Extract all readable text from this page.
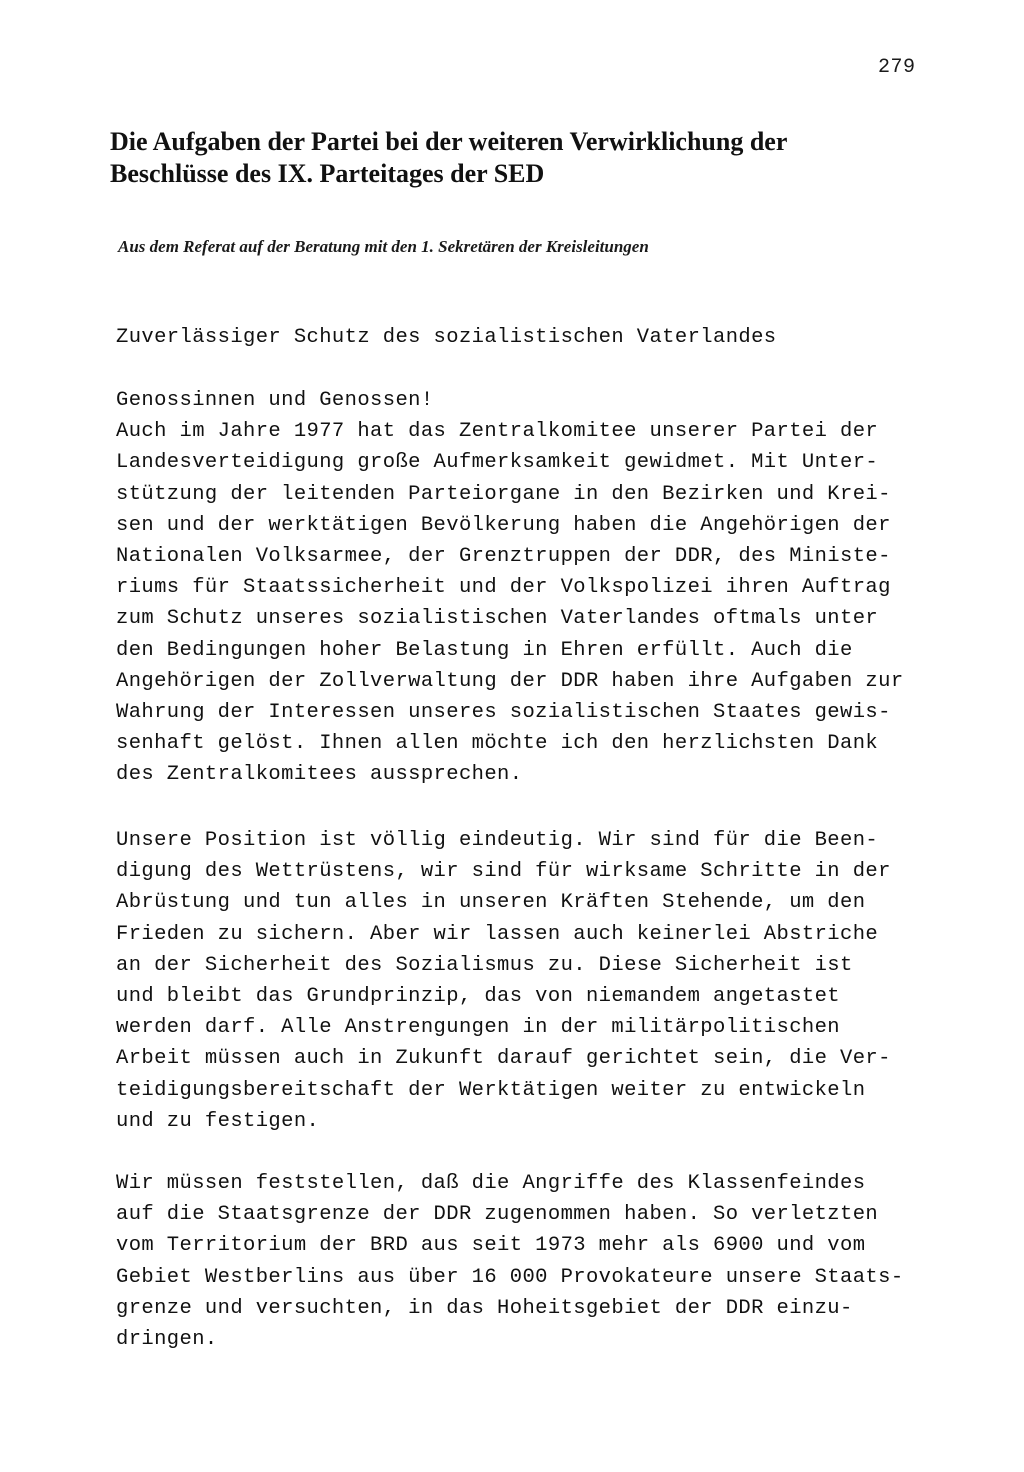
279
Die Aufgaben der Partei bei der weiteren Verwirklichung der
Beschlüsse des IX. Parteitages der SED
Aus dem Referat auf der Beratung mit den 1. Sekretären der Kreisleitungen
Zuverlässiger Schutz des sozialistischen Vaterlandes
Genossinnen und Genossen!
Auch im Jahre 1977 hat das Zentralkomitee unserer Partei der
Landesverteidigung große Aufmerksamkeit gewidmet. Mit Unter-
stützung der leitenden Parteiorgane in den Bezirken und Krei-
sen und der werktätigen Bevölkerung haben die Angehörigen der
Nationalen Volksarmee, der Grenztruppen der DDR, des Ministe-
riums für Staatssicherheit und der Volkspolizei ihren Auftrag
zum Schutz unseres sozialistischen Vaterlandes oftmals unter
den Bedingungen hoher Belastung in Ehren erfüllt. Auch die
Angehörigen der Zollverwaltung der DDR haben ihre Aufgaben zur
Wahrung der Interessen unseres sozialistischen Staates gewis-
senhaft gelöst. Ihnen allen möchte ich den herzlichsten Dank
des Zentralkomitees aussprechen.
Unsere Position ist völlig eindeutig. Wir sind für die Been-
digung des Wettrüstens, wir sind für wirksame Schritte in der
Abrüstung und tun alles in unseren Kräften Stehende, um den
Frieden zu sichern. Aber wir lassen auch keinerlei Abstriche
an der Sicherheit des Sozialismus zu. Diese Sicherheit ist
und bleibt das Grundprinzip, das von niemandem angetastet
werden darf. Alle Anstrengungen in der militärpolitischen
Arbeit müssen auch in Zukunft darauf gerichtet sein, die Ver-
teidigungsbereitschaft der Werktätigen weiter zu entwickeln
und zu festigen.
Wir müssen feststellen, daß die Angriffe des Klassenfeindes
auf die Staatsgrenze der DDR zugenommen haben. So verletzten
vom Territorium der BRD aus seit 1973 mehr als 6900 und vom
Gebiet Westberlins aus über 16 000 Provokateure unsere Staats-
grenze und versuchten, in das Hoheitsgebiet der DDR einzu-
dringen.
